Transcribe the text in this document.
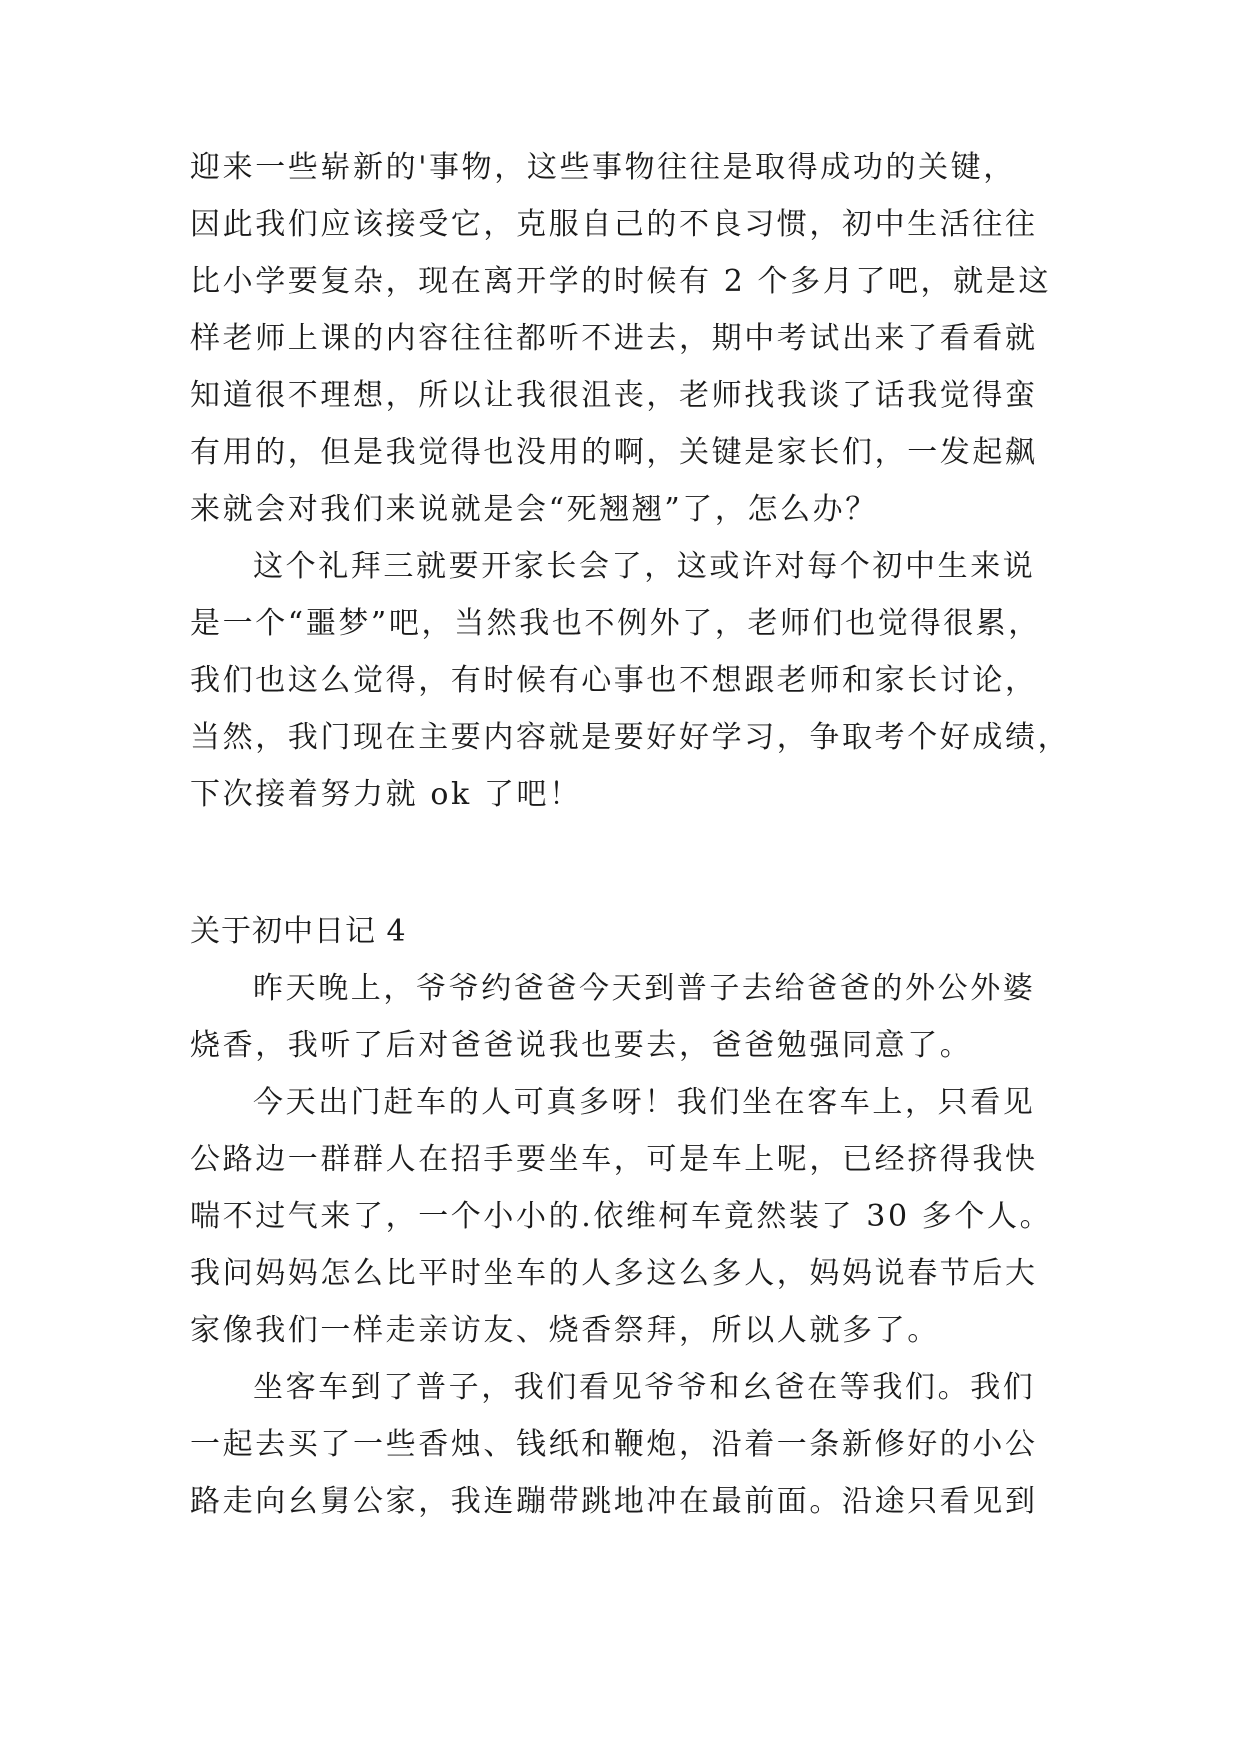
迎来一些崭新的'事物，这些事物往往是取得成功的关键，
因此我们应该接受它，克服自己的不良习惯，初中生活往往
比小学要复杂，现在离开学的时候有 2 个多月了吧，就是这
样老师上课的内容往往都听不进去，期中考试出来了看看就
知道很不理想，所以让我很沮丧，老师找我谈了话我觉得蛮
有用的，但是我觉得也没用的啊，关键是家长们，一发起飙
来就会对我们来说就是会“死翘翘”了，怎么办？
这个礼拜三就要开家长会了，这或许对每个初中生来说
是一个“噩梦”吧，当然我也不例外了，老师们也觉得很累，
我们也这么觉得，有时候有心事也不想跟老师和家长讨论，
当然，我门现在主要内容就是要好好学习，争取考个好成绩，
下次接着努力就 ok 了吧！
关于初中日记 4
昨天晚上，爷爷约爸爸今天到普子去给爸爸的外公外婆
烧香，我听了后对爸爸说我也要去，爸爸勉强同意了。
今天出门赶车的人可真多呀！我们坐在客车上，只看见
公路边一群群人在招手要坐车，可是车上呢，已经挤得我快
喘不过气来了，一个小小的.依维柯车竟然装了 30 多个人。
我问妈妈怎么比平时坐车的人多这么多人，妈妈说春节后大
家像我们一样走亲访友、烧香祭拜，所以人就多了。
坐客车到了普子，我们看见爷爷和幺爸在等我们。我们
一起去买了一些香烛、钱纸和鞭炮，沿着一条新修好的小公
路走向幺舅公家，我连蹦带跳地冲在最前面。沿途只看见到
